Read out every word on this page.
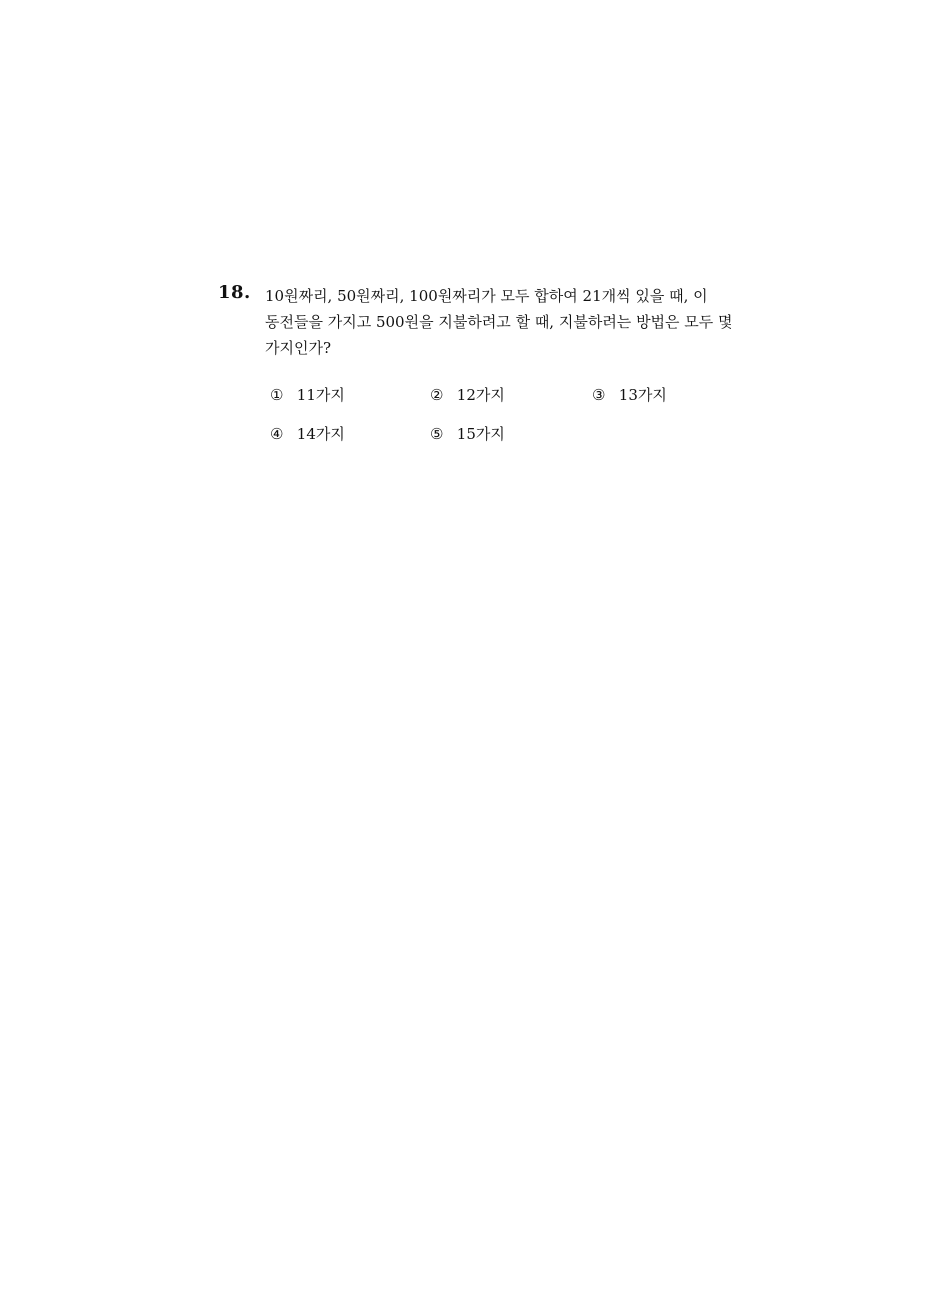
18. 10원짜리, 50원짜리, 100원짜리가 모두 합하여 21개씩 있을 때, 이
동전들을 가지고 500원을 지불하려고 할 때, 지불하려는 방법은 모두 몇
가지인가?
① 11가지	② 12가지	③ 13가지
④ 14가지	⑤ 15가지
